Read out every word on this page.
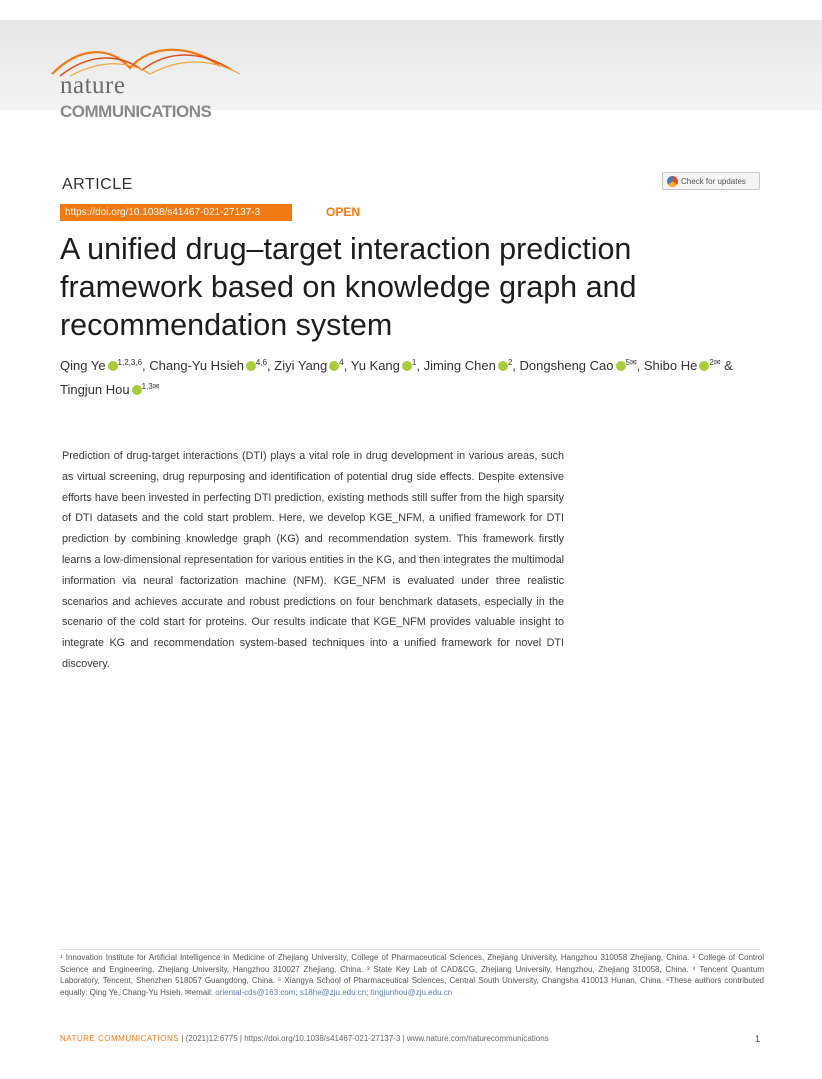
nature
COMMUNICATIONS
ARTICLE	Check for updates
https://doi.org/10.1038/s41467-021-27137-3	OPEN
A unified drug–target interaction prediction framework based on knowledge graph and recommendation system
Qing Ye $^{1,2,3,6}$, Chang-Yu Hsieh $^{4,6}$, Ziyi Yang $^4$, Yu Kang $^1$, Jiming Chen $^2$, Dongsheng Cao $^{5✉}$, Shibo He $^{2✉}$ & Tingjun Hou $^{1,3✉}$

Prediction of drug-target interactions (DTI) plays a vital role in drug development in various areas, such as virtual screening, drug repurposing and identification of potential drug side effects. Despite extensive efforts have been invested in perfecting DTI prediction, existing methods still suffer from the high sparsity of DTI datasets and the cold start problem. Here, we develop KGE_NFM, a unified framework for DTI prediction by combining knowledge graph (KG) and recommendation system. This framework firstly learns a low-dimensional representation for various entities in the KG, and then integrates the multimodal information via neural factorization machine (NFM). KGE_NFM is evaluated under three realistic scenarios and achieves accurate and robust predictions on four benchmark datasets, especially in the scenario of the cold start for proteins. Our results indicate that KGE_NFM provides valuable insight to integrate KG and recommendation system-based techniques into a unified framework for novel DTI discovery.

¹ Innovation Institute for Artificial Intelligence in Medicine of Zhejiang University, College of Pharmaceutical Sciences, Zhejiang University, Hangzhou 310058 Zhejiang, China. ² College of Control Science and Engineering, Zhejiang University, Hangzhou 310027 Zhejiang, China. ³ State Key Lab of CAD&CG, Zhejiang University, Hangzhou, Zhejiang 310058, China. ⁴ Tencent Quantum Laboratory, Tencent, Shenzhen 518057 Guangdong, China. ⁵ Xiangya School of Pharmaceutical Sciences, Central South University, Changsha 410013 Hunan, China. ⁶These authors contributed equally: Qing Ye, Chang-Yu Hsieh. ✉email: oriental-cds@163.com; s18he@zju.edu.cn; tingjunhou@zju.edu.cn

NATURE COMMUNICATIONS | (2021)12:6775 | https://doi.org/10.1038/s41467-021-27137-3 | www.nature.com/naturecommunications	1
